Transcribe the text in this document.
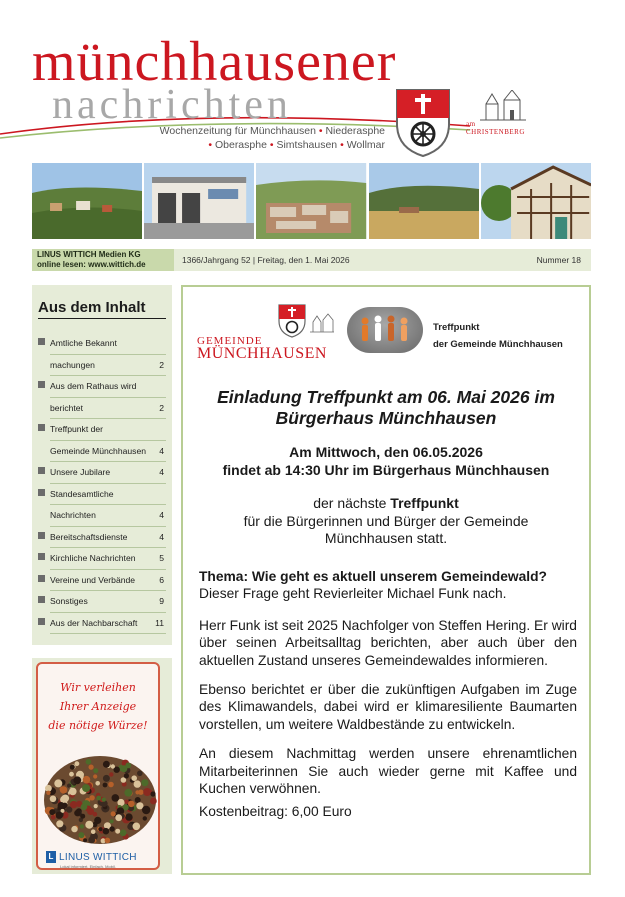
münchhausener
nachrichten
Wochenzeitung für Münchhausen • Niederasphe
• Oberasphe • Simtshausen • Wollmar
am
CHRISTENBERG
LINUS WITTICH Medien KG
online lesen: www.wittich.de	1366/Jahrgang 52 | Freitag, den 1. Mai 2026	Nummer 18
Aus dem Inhalt
Amtliche Bekannt
machungen	2
Aus dem Rathaus wird
berichtet	2
Treffpunkt der
Gemeinde Münchhausen 4
Unsere Jubilare	4
Standesamtliche
Nachrichten	4
Bereitschaftsdienste	4
Kirchliche Nachrichten	5
Vereine und Verbände	6
Sonstiges	9
Aus der Nachbarschaft 11
Wir verleihen
Ihrer Anzeige
die nötige Würze!
L LINUS WITTICH
Lokal informiert. Einfach. Mobil.
GEMEINDE
MÜNCHHAUSEN
Treffpunkt
der Gemeinde Münchhausen
Einladung Treffpunkt am 06. Mai 2026 im
Bürgerhaus Münchhausen
Am Mittwoch, den 06.05.2026
findet ab 14:30 Uhr im Bürgerhaus Münchhausen
der nächste Treffpunkt
für die Bürgerinnen und Bürger der Gemeinde
Münchhausen statt.

Thema: Wie geht es aktuell unserem Gemeindewald?
Dieser Frage geht Revierleiter Michael Funk nach.

Herr Funk ist seit 2025 Nachfolger von Steffen Hering. Er wird über seinen Arbeitsalltag berichten, aber auch über den aktuellen Zustand unseres Gemeindewaldes informieren.

Ebenso berichtet er über die zukünftigen Aufgaben im Zuge des Klimawandels, dabei wird er klimaresiliente Baumarten vorstellen, um weitere Waldbestände zu entwickeln.

An diesem Nachmittag werden unsere ehrenamtlichen Mitarbeiterinnen Sie auch wieder gerne mit Kaffee und Kuchen verwöhnen.

Kostenbeitrag: 6,00 Euro
